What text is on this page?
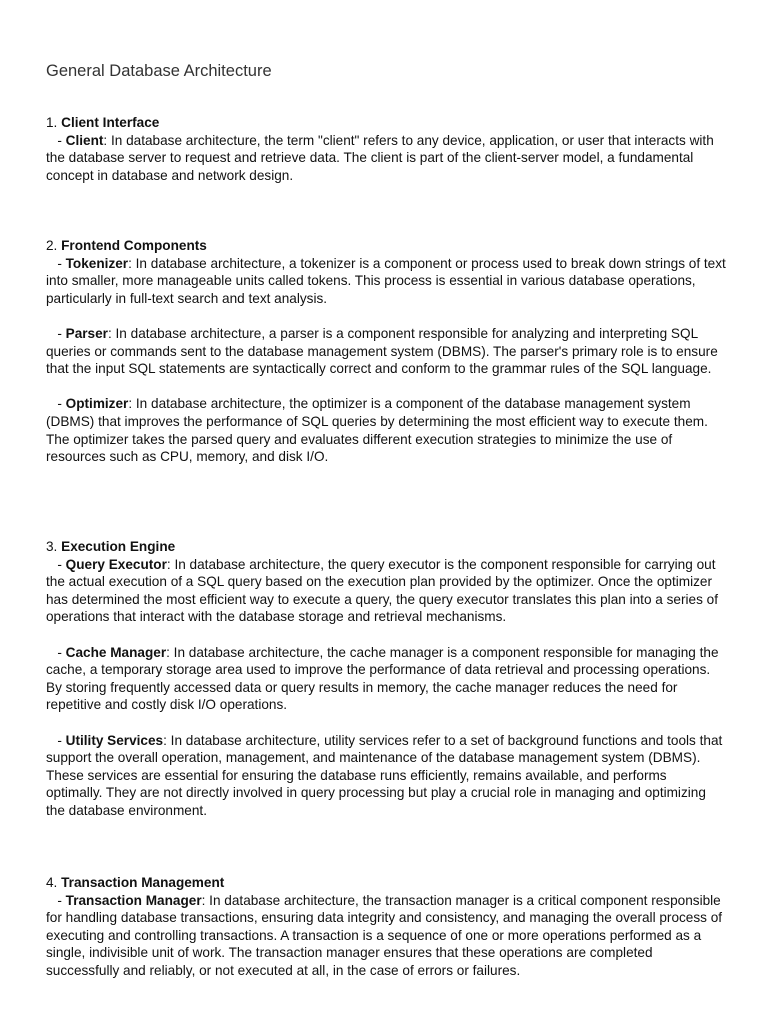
General Database Architecture

1. Client Interface

- Client: In database architecture, the term "client" refers to any device, application, or user that interacts with the database server to request and retrieve data. The client is part of the client-server model, a fundamental concept in database and network design.

2. Frontend Components

- Tokenizer: In database architecture, a tokenizer is a component or process used to break down strings of text into smaller, more manageable units called tokens. This process is essential in various database operations, particularly in full-text search and text analysis.

- Parser: In database architecture, a parser is a component responsible for analyzing and interpreting SQL queries or commands sent to the database management system (DBMS). The parser's primary role is to ensure that the input SQL statements are syntactically correct and conform to the grammar rules of the SQL language.

- Optimizer: In database architecture, the optimizer is a component of the database management system (DBMS) that improves the performance of SQL queries by determining the most efficient way to execute them. The optimizer takes the parsed query and evaluates different execution strategies to minimize the use of resources such as CPU, memory, and disk I/O.

3. Execution Engine

- Query Executor: In database architecture, the query executor is the component responsible for carrying out the actual execution of a SQL query based on the execution plan provided by the optimizer. Once the optimizer has determined the most efficient way to execute a query, the query executor translates this plan into a series of operations that interact with the database storage and retrieval mechanisms.

- Cache Manager: In database architecture, the cache manager is a component responsible for managing the cache, a temporary storage area used to improve the performance of data retrieval and processing operations. By storing frequently accessed data or query results in memory, the cache manager reduces the need for repetitive and costly disk I/O operations.

- Utility Services: In database architecture, utility services refer to a set of background functions and tools that support the overall operation, management, and maintenance of the database management system (DBMS). These services are essential for ensuring the database runs efficiently, remains available, and performs optimally. They are not directly involved in query processing but play a crucial role in managing and optimizing the database environment.

4. Transaction Management

- Transaction Manager: In database architecture, the transaction manager is a critical component responsible for handling database transactions, ensuring data integrity and consistency, and managing the overall process of executing and controlling transactions. A transaction is a sequence of one or more operations performed as a single, indivisible unit of work. The transaction manager ensures that these operations are completed successfully and reliably, or not executed at all, in the case of errors or failures.
